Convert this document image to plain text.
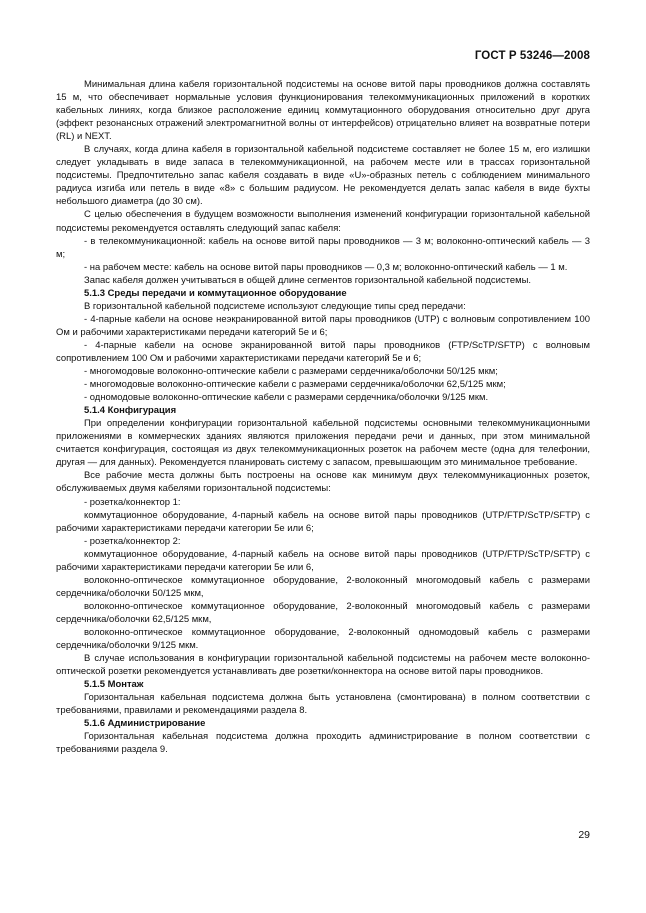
ГОСТ Р 53246—2008

Минимальная длина кабеля горизонтальной подсистемы на основе витой пары проводников должна составлять 15 м, что обеспечивает нормальные условия функционирования телекоммуникационных приложений в коротких кабельных линиях, когда близкое расположение единиц коммутационного оборудования относительно друг друга (эффект резонансных отражений электромагнитной волны от интерфейсов) отрицательно влияет на возвратные потери (RL) и NEXT.

В случаях, когда длина кабеля в горизонтальной кабельной подсистеме составляет не более 15 м, его излишки следует укладывать в виде запаса в телекоммуникационной, на рабочем месте или в трассах горизонтальной подсистемы. Предпочтительно запас кабеля создавать в виде «U»-образных петель с соблюдением минимального радиуса изгиба или петель в виде «8» с большим радиусом. Не рекомендуется делать запас кабеля в виде бухты небольшого диаметра (до 30 см).

С целью обеспечения в будущем возможности выполнения изменений конфигурации горизонтальной кабельной подсистемы рекомендуется оставлять следующий запас кабеля:

- в телекоммуникационной: кабель на основе витой пары проводников — 3 м; волоконно-оптический кабель — 3 м;

- на рабочем месте: кабель на основе витой пары проводников — 0,3 м; волоконно-оптический кабель — 1 м.

Запас кабеля должен учитываться в общей длине сегментов горизонтальной кабельной подсистемы.

5.1.3 Среды передачи и коммутационное оборудование

В горизонтальной кабельной подсистеме используют следующие типы сред передачи:

- 4-парные кабели на основе неэкранированной витой пары проводников (UTP) с волновым сопротивлением 100 Ом и рабочими характеристиками передачи категорий 5е и 6;

- 4-парные кабели на основе экранированной витой пары проводников (FTP/ScTP/SFTP) с волновым сопротивлением 100 Ом и рабочими характеристиками передачи категорий 5е и 6;

- многомодовые волоконно-оптические кабели с размерами сердечника/оболочки 50/125 мкм;

- многомодовые волоконно-оптические кабели с размерами сердечника/оболочки 62,5/125 мкм;

- одномодовые волоконно-оптические кабели с размерами сердечника/оболочки 9/125 мкм.

5.1.4 Конфигурация

При определении конфигурации горизонтальной кабельной подсистемы основными телекоммуникационными приложениями в коммерческих зданиях являются приложения передачи речи и данных, при этом минимальной считается конфигурация, состоящая из двух телекоммуникационных розеток на рабочем месте (одна для телефонии, другая — для данных). Рекомендуется планировать систему с запасом, превышающим это минимальное требование.

Все рабочие места должны быть построены на основе как минимум двух телекоммуникационных розеток, обслуживаемых двумя кабелями горизонтальной подсистемы:

- розетка/коннектор 1:

коммутационное оборудование, 4-парный кабель на основе витой пары проводников (UTP/FTP/ScTP/SFTP) с рабочими характеристиками передачи категории 5е или 6;

- розетка/коннектор 2:

коммутационное оборудование, 4-парный кабель на основе витой пары проводников (UTP/FTP/ScTP/SFTP) с рабочими характеристиками передачи категории 5е или 6,

волоконно-оптическое коммутационное оборудование, 2-волоконный многомодовый кабель с размерами сердечника/оболочки 50/125 мкм,

волоконно-оптическое коммутационное оборудование, 2-волоконный многомодовый кабель с размерами сердечника/оболочки 62,5/125 мкм,

волоконно-оптическое коммутационное оборудование, 2-волоконный одномодовый кабель с размерами сердечника/оболочки 9/125 мкм.

В случае использования в конфигурации горизонтальной кабельной подсистемы на рабочем месте волоконно-оптической розетки рекомендуется устанавливать две розетки/коннектора на основе витой пары проводников.

5.1.5 Монтаж

Горизонтальная кабельная подсистема должна быть установлена (смонтирована) в полном соответствии с требованиями, правилами и рекомендациями раздела 8.

5.1.6 Администрирование

Горизонтальная кабельная подсистема должна проходить администрирование в полном соответствии с требованиями раздела 9.

29
